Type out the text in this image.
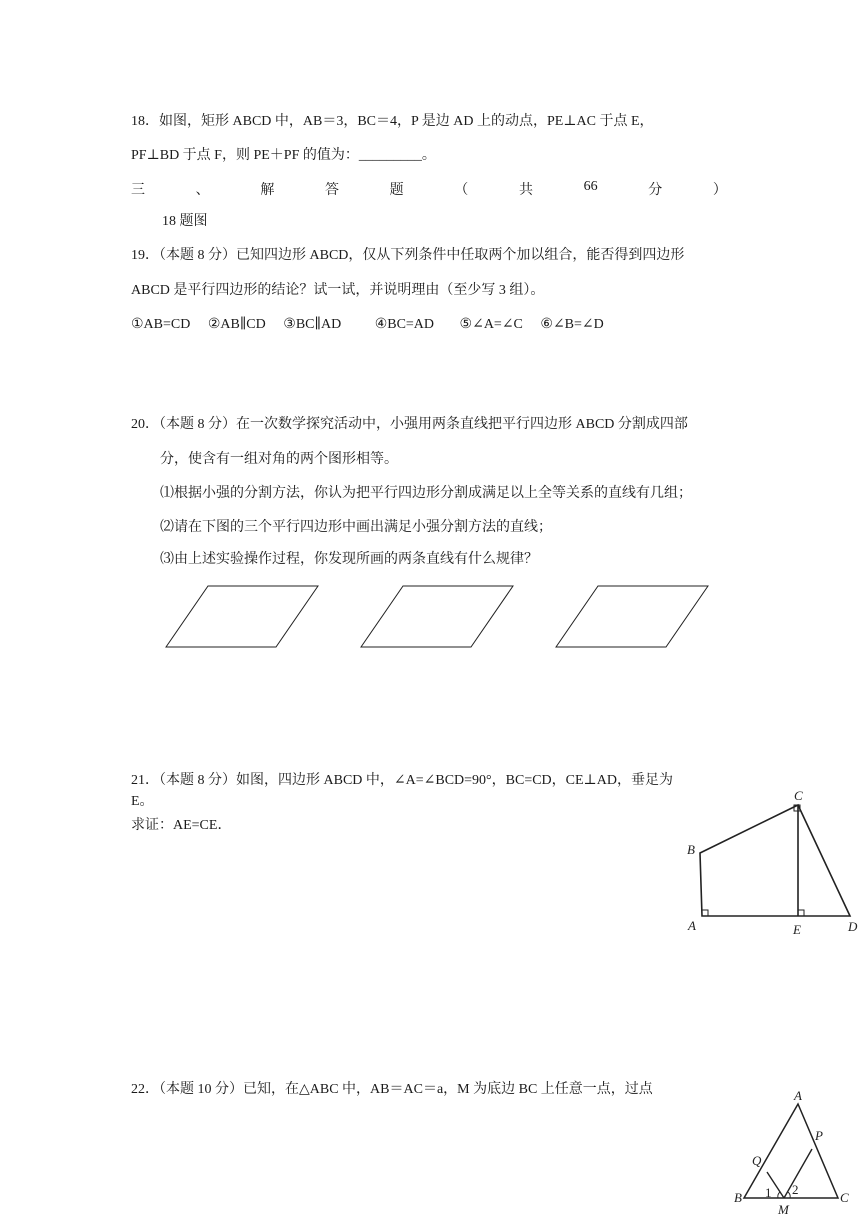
18．如图，矩形 ABCD 中，AB＝3，BC＝4，P 是边 AD 上的动点，PE⊥AC 于点 E，
PF⊥BD 于点 F，则 PE＋PF 的值为：_________。
三	、	解	答	题	（	共	66	分	）
18 题图
19．（本题 8 分）已知四边形 ABCD，仅从下列条件中任取两个加以组合，能否得到四边形
ABCD 是平行四边形的结论？试一试，并说明理由（至少写 3 组）。
①AB=CD ②AB∥CD ③BC∥AD ④BC=AD ⑤∠A=∠C ⑥∠B=∠D
20．（本题 8 分）在一次数学探究活动中，小强用两条直线把平行四边形 ABCD 分割成四部
分，使含有一组对角的两个图形相等。
⑴根据小强的分割方法，你认为把平行四边形分割成满足以上全等关系的直线有几组；
⑵请在下图的三个平行四边形中画出满足小强分割方法的直线；
⑶由上述实验操作过程，你发现所画的两条直线有什么规律？
21．（本题 8 分）如图，四边形 ABCD 中，∠A=∠BCD=90°，BC=CD，CE⊥AD，垂足为
E。
求证：AE=CE．
A
B
C
D
E
22．（本题 10 分）已知，在△ABC 中，AB＝AC＝a，M 为底边 BC 上任意一点，过点	A
B	C
M
P
Q
1 2
